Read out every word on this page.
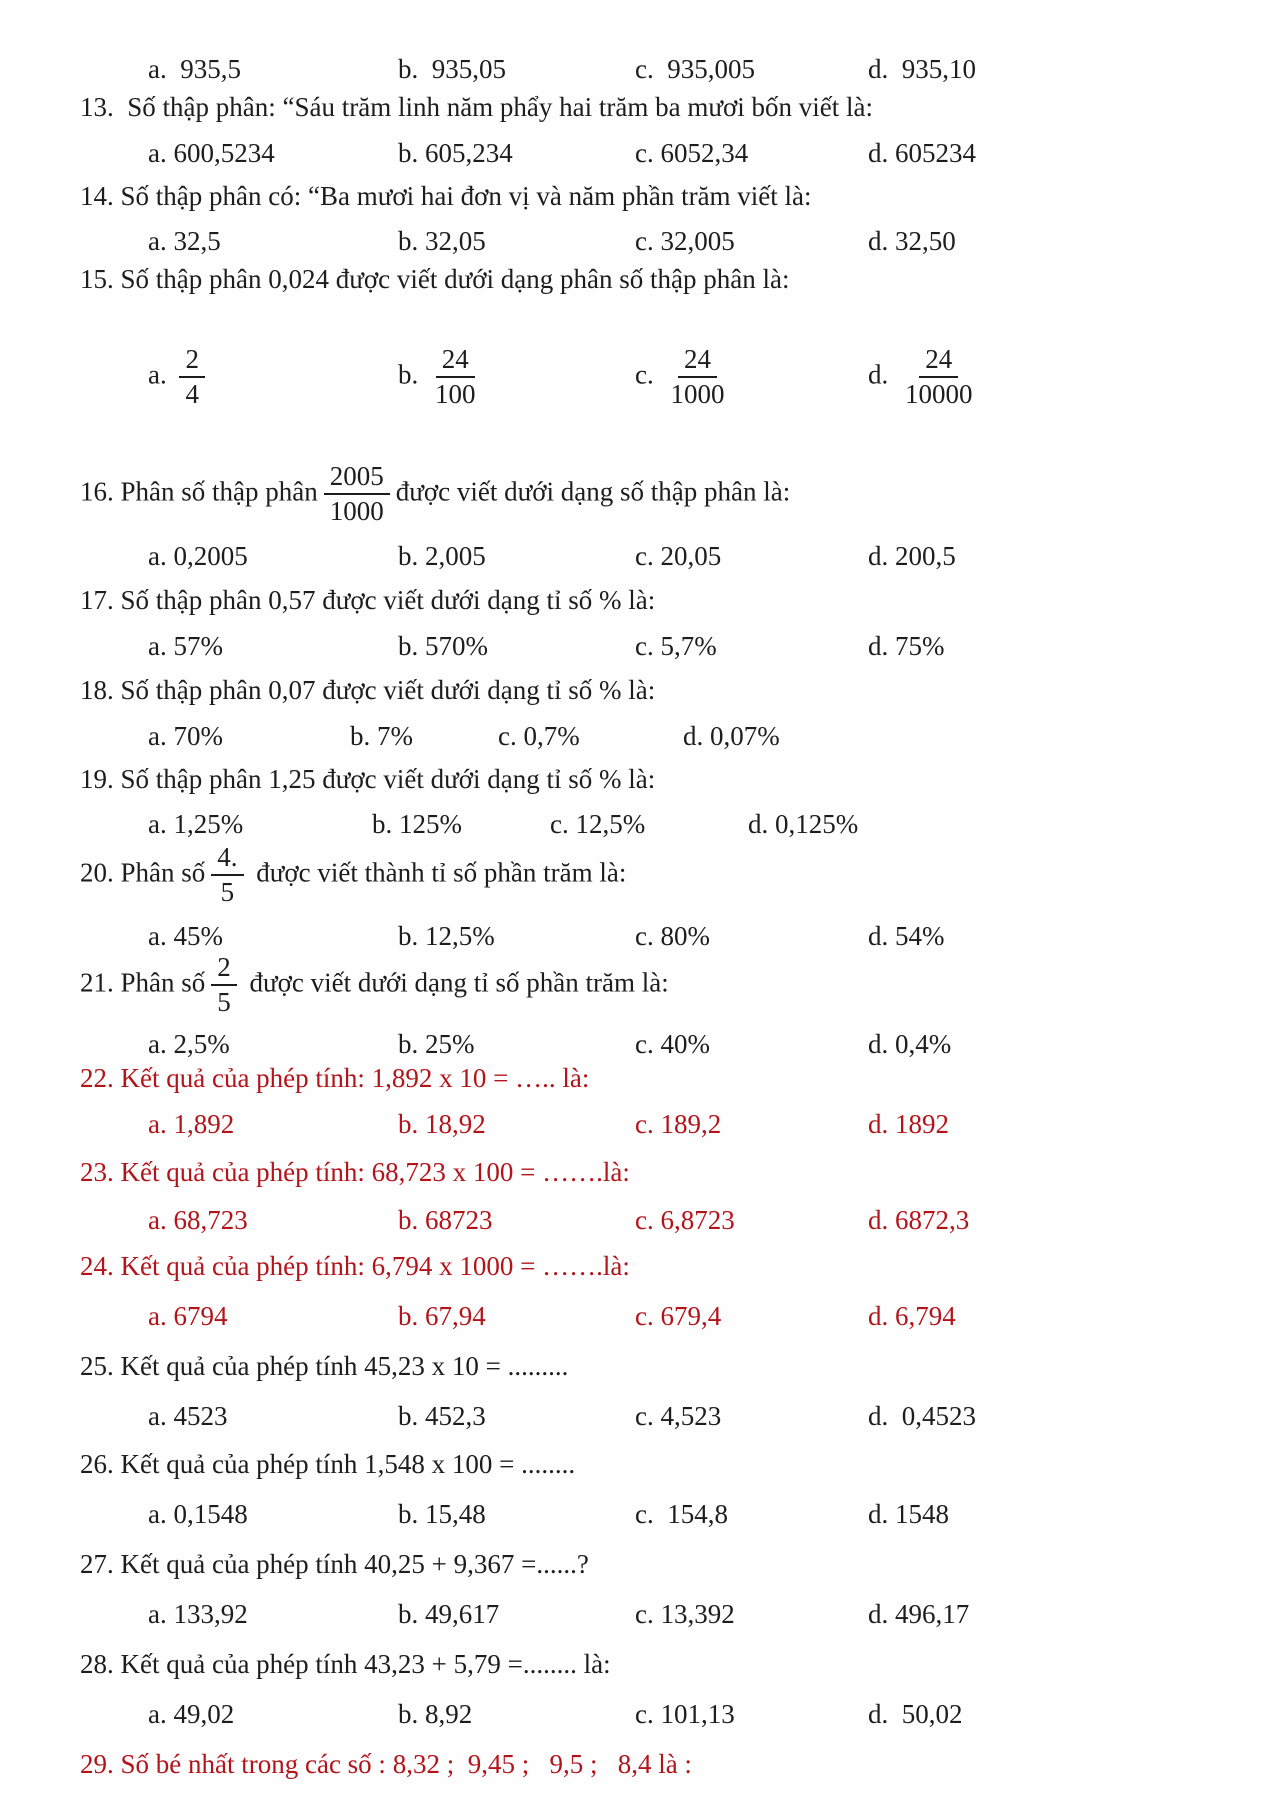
a.  935,5	b.  935,05	c.  935,005	d.  935,10
13.  Số thập phân: “Sáu trăm linh năm phẩy hai trăm ba mươi bốn viết là:
a. 600,5234	b. 605,234	c. 6052,34	d. 605234
14. Số thập phân có: “Ba mươi hai đơn vị và năm phần trăm viết là:
a. 32,5	b. 32,05	c. 32,005	d. 32,50
15. Số thập phân 0,024 được viết dưới dạng phân số thập phân là:
a. $\frac{2}{4}$	b. $\frac{24}{100}$	c. $\frac{24}{1000}$	d. $\frac{24}{10000}$
16. Phân số thập phân $\frac{2005}{1000}$ được viết dưới dạng số thập phân là:
a. 0,2005	b. 2,005	c. 20,05	d. 200,5
17. Số thập phân 0,57 được viết dưới dạng tỉ số % là:
a. 57%	b. 570%	c. 5,7%	d. 75%
18. Số thập phân 0,07 được viết dưới dạng tỉ số % là:
a. 70%	b. 7%	c. 0,7%	d. 0,07%
19. Số thập phân 1,25 được viết dưới dạng tỉ số % là:
a. 1,25%	b. 125%	c. 12,5%	d. 0,125%
20. Phân số $\frac{4.}{5}$ được viết thành tỉ số phần trăm là:
a. 45%	b. 12,5%	c. 80%	d. 54%
21. Phân số $\frac{2}{5}$ được viết dưới dạng tỉ số phần trăm là:
a. 2,5%	b. 25%	c. 40%	d. 0,4%
22. Kết quả của phép tính: 1,892 x 10 = ….. là:
a. 1,892	b. 18,92	c. 189,2	d. 1892
23. Kết quả của phép tính: 68,723 x 100 = …….là:
a. 68,723	b. 68723	c. 6,8723	d. 6872,3
24. Kết quả của phép tính: 6,794 x 1000 = …….là:
a. 6794	b. 67,94	c. 679,4	d. 6,794
25. Kết quả của phép tính 45,23 x 10 = .........
a. 4523	b. 452,3	c. 4,523	d.  0,4523
26. Kết quả của phép tính 1,548 x 100 = ........
a. 0,1548	b. 15,48	c.  154,8	d. 1548
27. Kết quả của phép tính 40,25 + 9,367 =......?
a. 133,92	b. 49,617	c. 13,392	d. 496,17
28. Kết quả của phép tính 43,23 + 5,79 =........ là:
a. 49,02	b. 8,92	c. 101,13	d.  50,02
29. Số bé nhất trong các số : 8,32 ;  9,45 ;   9,5 ;   8,4 là :
